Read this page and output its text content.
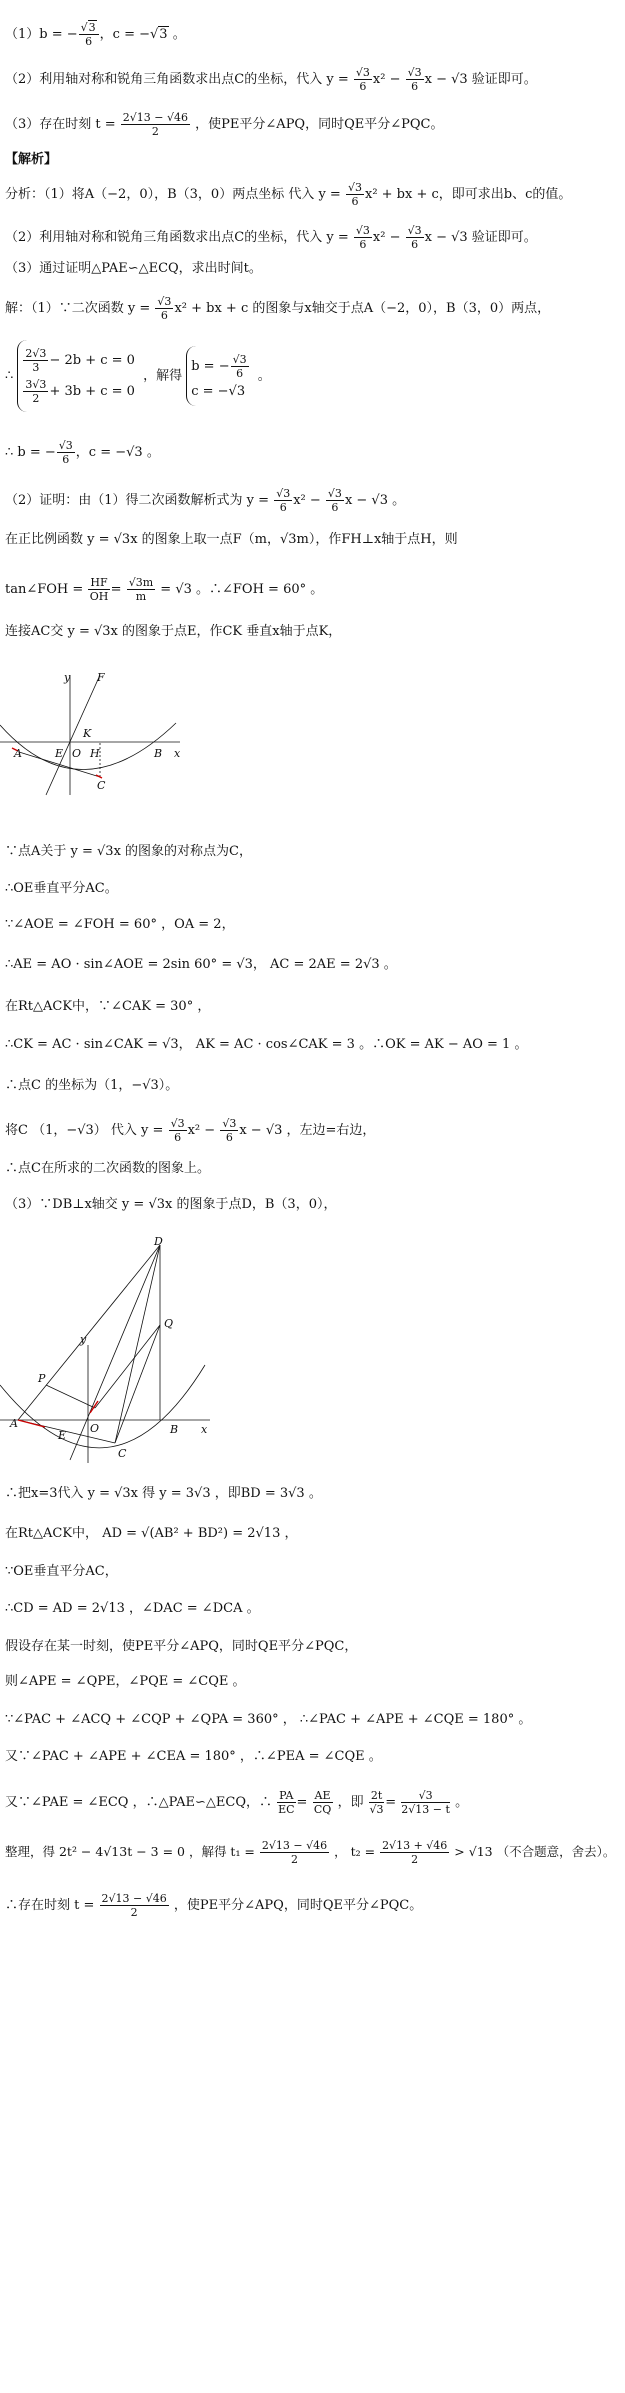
（1）b = − $\frac{√3}{6}$ ，c = −√3 。
（2）利用轴对称和锐角三角函数求出点C的坐标，代入 $y = \frac{√3}{6} x^2 - \frac{√3}{6}$ x − √3 验证即可。
（3）存在时刻 $t = \frac{2√13 - √46}{2}$ ，使PE平分∠APQ，同时QE平分∠PQC。
【解析】
分析：（1）将A（−2，0），B（3，0）两点坐标 代入 $y = \frac{√3}{6} x^2$ + bx + c，即可求出b、c的值。
（2）利用轴对称和锐角三角函数求出点C的坐标，代入 $y = \frac{√3}{6} x^2 - \frac{√3}{6}$ x − √3 验证即可。
（3）通过证明△PAE∽△ECQ，求出时间t。
解：（1）∵二次函数 $y = \frac{√3}{6} x^2$ + bx + c 的图象与x轴交于点A（−2，0），B（3，0）两点，
∴
$\frac{2√3}{3} - 2b + c = 0$
$\frac{3√3}{2} + 3b + c = 0$
，解得
b = − $\frac{√3}{6}$
c = −√3
。
∴ b = − $\frac{√3}{6}$ ，c = −√3 。
（2）证明：由（1）得二次函数解析式为 $y = \frac{√3}{6} x^2 - \frac{√3}{6}$ x − √3 。
在正比例函数 y = √3x 的图象上取一点F（m，√3m），作FH⊥x轴于点H，则
tan∠FOH = $\frac{HF}{OH} = \frac{√3m}{m} = √3$ 。∴∠FOH = 60° 。
连接AC交 y = √3x 的图象于点E，作CK 垂直x轴于点K，
y F
K
A	E O H	B x
C
∵点A关于 y = √3x 的图象的对称点为C，
∴OE垂直平分AC。
∵∠AOE = ∠FOH = 60° ，OA = 2，
∴AE = AO · sin∠AOE = 2sin 60° = √3， AC = 2AE = 2√3 。
在Rt△ACK中，∵∠CAK = 30° ，
∴CK = AC · sin∠CAK = √3， AK = AC · cos∠CAK = 3 。∴OK = AK − AO = 1 。
∴点C 的坐标为（1，−√3）。
将C （1，−√3） 代入 $y = \frac{√3}{6} x^2 - \frac{√3}{6}$ x − √3 ，左边=右边，
∴点C在所求的二次函数的图象上。
（3）∵DB⊥x轴交 y = √3x 的图象于点D，B（3，0），
D
Q
y
P
A	O
E	B x
C
∴把x=3代入 y = √3x 得 y = 3√3 ，即BD = 3√3 。
在Rt△ACK中， AD = √(AB² + BD²) = 2√13 ，
∵OE垂直平分AC，
∴CD = AD = 2√13 ，∠DAC = ∠DCA 。
假设存在某一时刻，使PE平分∠APQ，同时QE平分∠PQC，
则∠APE = ∠QPE，∠PQE = ∠CQE 。
∵∠PAC + ∠ACQ + ∠CQP + ∠QPA = 360° ， ∴∠PAC + ∠APE + ∠CQE = 180° 。
又∵∠PAC + ∠APE + ∠CEA = 180° ，∴∠PEA = ∠CQE 。
又∵∠PAE = ∠ECQ ，∴△PAE∽△ECQ，∴ $\frac{PA}{EC} = \frac{AE}{CQ}$ ，即 $\frac{2t}{√3} = \frac{√3}{2√13 - t}$ 。
整理，得 2t² − 4√13t − 3 = 0 ，解得 $t_1 = \frac{2√13 - √46}{2}$ ， $t_2 = \frac{2√13 + √46}{2} > √13$ （不合题意，舍去）。
∴存在时刻 $t = \frac{2√13 - √46}{2}$ ，使PE平分∠APQ，同时QE平分∠PQC。
